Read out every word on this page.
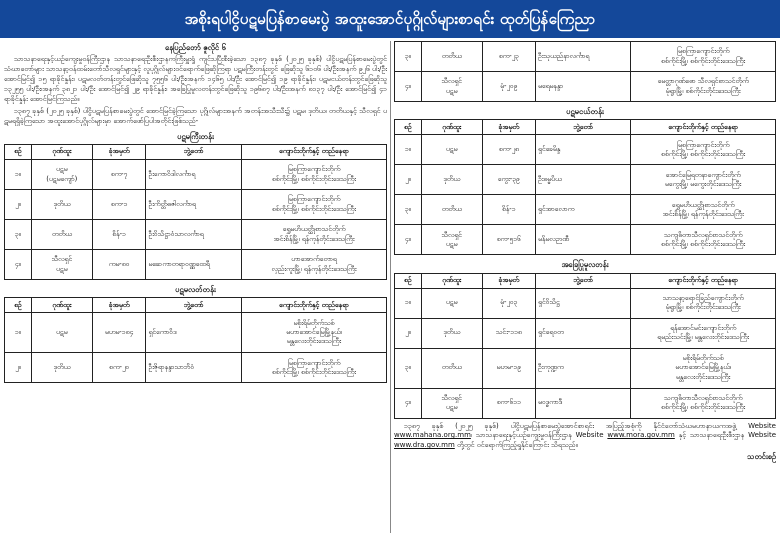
အစိုးရပါငွိပဋမပြန်စာမေးပွဲ အထူးအောင်ပုဂ္ဂိုလ်များစာရင်း ထုတ်ပြန်ကြေညာ
နေပြည်တော် ဇူလိုင် ၆

သာသနာရေးနှင့်ယဉ်ကျေးမှုဝန်ကြီးဌာန သာသနာရေးဦးစီးဌာနကကြီးမှူးရှုံ ကျင်းပပြီးစီးခဲ့သော ၁၃၈၇ ခုနှစ် (၂၀၂၅ ခုနှစ်) ပါငွိပဋမပြန်စာမေးပွဲတွင် သံဃာတော်များ သာသနာ့ဝန်ထမ်းတော်သီလရှင်များနှင့် လူပုဂ္ဂိုလ်များဝင်ရောက်ဖြေဆိုကြရာ ပဋမကြီးတန်းတွင် ဖြေဆိုသူ ၆၁၀၆ ပါး/ဦး၊အနက် ၉၂၆ ပါး/ဦး အောင်မြင်၍ ၁၅ ရာခိုင်နှုန်း၊ ပဋမလတ်တန်းတွင်ဖြေဆိုသူ ၇၅၅၆ ပါး/ဦး၊အနက် ၁၄၆၅ ပါး/ဦး အောင်မြင်၍ ၁၉ ရာခိုင်နှုန်း၊ ပဋမငယ်တန်းတွင်ဖြေဆိုသူ ၁၃၂၅၅ ပါး/ဦး၊အနက် ၃၈၂၁ ပါး/ဦး အောင်မြင်၍ ၂၉ ရာခိုင်နှုန်း၊ အခြေပြုမူလတန်းတွင်ဖြေဆိုသူ ၁၉၆၈၇ ပါး/ဦး၊အနက် ၈၁၃၇ ပါး/ဦး အောင်မြင်၍ ၄၁ ရာခိုင်နှုန်း အောင်မြင်ကြသည်။

၁၃၈၇ ခုနှစ် (၂၀၂၅ ခုနှစ်) ပါငွိပဋမပြန်စာမေးပွဲတွင် အောင်မြင်ခဲ့ကြသော ပုဂ္ဂိုလ်များအနက် အတန်းအသီးသီး၌ ပဋမ၊ ဒုတိယ၊ တတိယနှင့် သီလရှင် ပဋမရရှိခဲ့ကြသော အထူးအောင်ပုဂ္ဂိုလ်များမှာ အောက်ဖော်ပြပါအတိုင်းဖြစ်သည်-

ပဋမကြီးတန်း
စဉ်	ဂုဏ်ထူး	ခုံအမှတ်	ဘွဲ့တော်	ကျောင်းတိုက်နှင့် တည်နေရာ
၁။	ပဋမ
(ပဋမကျော်)	စက-၇	ဦးကောဝိဒါလင်္ကာရ	မြစကြာကျောင်းတိုက်
စစ်ကိုင်းမြို့၊ စစ်ကိုင်းတိုင်းဒေသကြီး

၂။	ဒုတိယ	စက-၁	ဦးကိတ္တိဓဇါလင်္ကာရ	မြစကြာကျောင်းတိုက်
စစ်ကိုင်းမြို့၊ စစ်ကိုင်းတိုင်းဒေသကြီး

၃။	တတိယ	စိန်-၁	ဦးဝိသိဋ္ဌာဝံသာလင်္ကာရ	ရွှေမဟိယတ္ထိုစာသင်တိုက်
အင်းစိန်မြို့၊ ရန်ကုန်တိုင်းဒေသကြီး

၄။	သီလရှင်
ပဋမ	ကမ-၈၀	မဆေကာတရာဝဏ္ဏထေရီ	ဟာအောက်တောရ
လှည်းကူးမြို့၊ ရန်ကုန်တိုင်းဒေသကြီး
ပဋမလတ်တန်း
စဉ်	ဂုဏ်ထူး	ခုံအမှတ်	ဘွဲ့တော်	ကျောင်းတိုက်နှင့် တည်နေရာ
၁။	ပဋမ	မဟမ-၁၈၄	ရှင်ကောဝိဒ	မစိုးရိမ်တိုက်သစ်
မဟာအောင်မြေမြို့နယ်၊
မန္တလေးတိုင်းဒေသကြီး

၂။	ဒုတိယ	စက-၂၀	ဦးဇိုရာနန္ဒာသာဘိဝံ	မြစကြာကျောင်းတိုက်
စစ်ကိုင်းမြို့၊ စစ်ကိုင်းတိုင်းဒေသကြီး
၃။	တတိယ	စက-၂၃	ဦးသုယည်နာလင်္ကာရ	မြစကြာကျောင်းတိုက်
စစ်ကိုင်းမြို့၊ စစ်ကိုင်းတိုင်းဒေသကြီး

၄။	သီလရှင်
ပဋမ	မုံ-၂၀၉	မရေမနန္ဒာ	မေတ္တာဂုဏ်ဓော သီလရှင်စာသင်တိုက်
မုံရွာမြို့၊ စစ်ကိုင်းတိုင်းဒေသကြီး
ပဋမငယ်တန်း
စဉ်	ဂုဏ်ထူး	ခုံအမှတ်	ဘွဲ့တော်	ကျောင်းတိုက်နှင့် တည်နေရာ
၁။	ပဋမ	စက-၂၈	ရှင်ခေမိန္ဒ	မြစကြာကျောင်းတိုက်
စစ်ကိုင်းမြို့၊ စစ်ကိုင်းတိုင်းဒေသကြီး

၂။	ဒုတိယ	ကွေး-၃၉	ဦးဓမ္မပိယ	အောင်မြေရတနာကျောင်းတိုက်
မကွေးမြို့၊ မကွေးတိုင်းဒေသကြီး

၃။	တတိယ	စိန်-၁	ရှင်အာလောက	ရွှေမဟိယတ္ထိုစာသင်တိုက်
အင်းစိန်မြို့၊ ရန်ကုန်တိုင်းဒေသကြီး

၄။	သီလရှင်
ပဋမ	စက-၅၁၆	မနိမလဉာဏီ	သကျဓိတာသီလရှင်စာသင်တိုက်
စစ်ကိုင်းမြို့၊ စစ်ကိုင်းတိုင်းဒေသကြီး
အခြေပြုမူလတန်း
စဉ်	ဂုဏ်ထူး	ခုံအမှတ်	ဘွဲ့တော်	ကျောင်းတိုက်နှင့် တည်နေရာ
၁။	ပဋမ	မုံ-၂၀၃	ရှင်ဝိသိဋ္ဌ	သာသနာ့ရောင်ခြည်ကျောင်းတိုက်
မုံရွာမြို့၊ စစ်ကိုင်းတိုင်းဒေသကြီး

၂။	ဒုတိယ	သင်း-၁၁၈	ရှင်ရေဝတ	ရန်အောင်မင်းကျောင်းတိုက်
ရမည်းသင်းမြို့၊ မန္တလေးတိုင်းဒေသကြီး

၃။	တတိယ	မဟမ-၁၉	ဦးကုဏ္ဍက	မစိုးရိမ်တိုက်သစ်
မဟာအောင်မြေမြို့နယ်၊
မန္တလေးတိုင်းဒေသကြီး

၄။	သီလရှင်
ပဋမ	စက-၆၁၁	မဝဒ္ဓကာဒီ	သကျဓိတာသီလရှင်စာသင်တိုက်
စစ်ကိုင်းမြို့၊ စစ်ကိုင်းတိုင်းဒေသကြီး

၁၃၈၇ ခုနှစ် (၂၀၂၅ ခုနှစ်) ပါငွိပဋမပြန်စာမေးပွဲအောင်စာရင်း အပြည့်အစုံကို နိုင်ငံတော်သံဃမဟာနာယကအဖွဲ့ Website www.mahana.org.mm၊ သာသနာရေးနှင့်ယဉ်ကျေးမှုဝန်ကြီးဌာန Website www.mora.gov.mm နှင့် သာသနာရေးဦးစီးဌာန Website www.dra.gov.mm တို့တွင် ဝင်ရောက်ကြည့်ရှုနိုင်ကြောင်း သိရသည်။

သတင်းစဉ်
